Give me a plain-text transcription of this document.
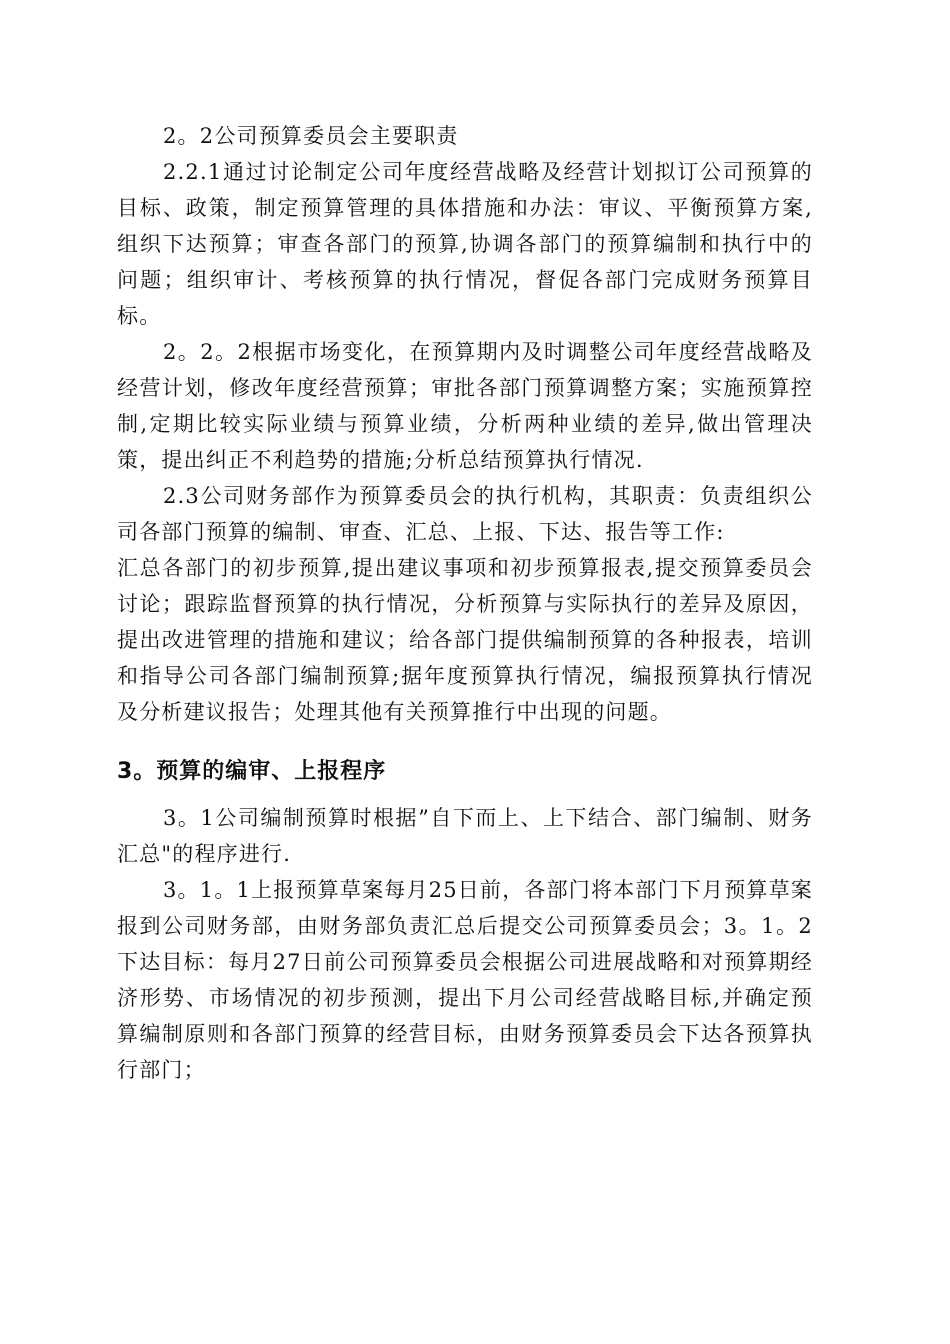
2。2公司预算委员会主要职责

2.2.1通过讨论制定公司年度经营战略及经营计划拟订公司预算的目标、政策，制定预算管理的具体措施和办法：审议、平衡预算方案,组织下达预算；审查各部门的预算,协调各部门的预算编制和执行中的问题；组织审计、考核预算的执行情况，督促各部门完成财务预算目标。

2。2。2根据市场变化，在预算期内及时调整公司年度经营战略及经营计划，修改年度经营预算；审批各部门预算调整方案；实施预算控制,定期比较实际业绩与预算业绩，分析两种业绩的差异,做出管理决策，提出纠正不利趋势的措施;分析总结预算执行情况.

2.3公司财务部作为预算委员会的执行机构，其职责：负责组织公司各部门预算的编制、审查、汇总、上报、下达、报告等工作:

汇总各部门的初步预算,提出建议事项和初步预算报表,提交预算委员会讨论；跟踪监督预算的执行情况，分析预算与实际执行的差异及原因，提出改进管理的措施和建议；给各部门提供编制预算的各种报表，培训和指导公司各部门编制预算;据年度预算执行情况，编报预算执行情况及分析建议报告；处理其他有关预算推行中出现的问题。

3。预算的编审、上报程序

3。1公司编制预算时根据”自下而上、上下结合、部门编制、财务汇总"的程序进行.

3。1。1上报预算草案每月25日前，各部门将本部门下月预算草案报到公司财务部，由财务部负责汇总后提交公司预算委员会；3。1。2下达目标：每月27日前公司预算委员会根据公司进展战略和对预算期经济形势、市场情况的初步预测，提出下月公司经营战略目标,并确定预算编制原则和各部门预算的经营目标，由财务预算委员会下达各预算执行部门；
